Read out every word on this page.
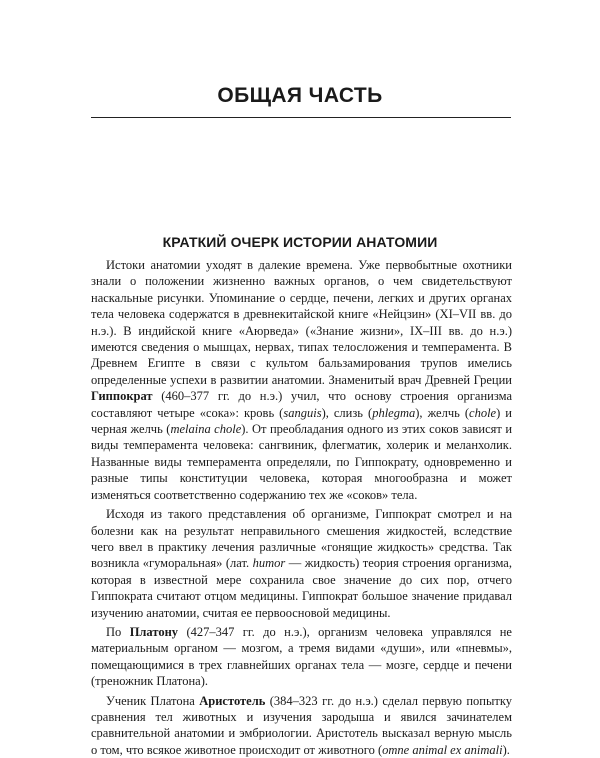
ОБЩАЯ ЧАСТЬ
КРАТКИЙ ОЧЕРК ИСТОРИИ АНАТОМИИ

Истоки анатомии уходят в далекие времена. Уже первобытные охотники знали о положении жизненно важных органов, о чем свидетельствуют наскальные рисунки. Упоминание о сердце, печени, легких и других органах тела человека содержатся в древнекитайской книге «Нейцзин» (XI–VII вв. до н.э.). В индийской книге «Аюрведа» («Знание жизни», IX–III вв. до н.э.) имеются сведения о мышцах, нервах, типах телосложения и темперамента. В Древнем Египте в связи с культом бальзамирования трупов имелись определенные успехи в развитии анатомии. Знаменитый врач Древней Греции Гиппократ (460–377 гг. до н.э.) учил, что основу строения организма составляют четыре «сока»: кровь (sanguis), слизь (phlegma), желчь (chole) и черная желчь (melaina chole). От преобладания одного из этих соков зависят и виды темперамента человека: сангвиник, флегматик, холерик и меланхолик. Названные виды темперамента определяли, по Гиппократу, одновременно и разные типы конституции человека, которая многообразна и может изменяться соответственно содержанию тех же «соков» тела.

Исходя из такого представления об организме, Гиппократ смотрел и на болезни как на результат неправильного смешения жидкостей, вследствие чего ввел в практику лечения различные «гонящие жидкость» средства. Так возникла «гуморальная» (лат. humor — жидкость) теория строения организма, которая в известной мере сохранила свое значение до сих пор, отчего Гиппократа считают отцом медицины. Гиппократ большое значение придавал изучению анатомии, считая ее первоосновой медицины.

По Платону (427–347 гг. до н.э.), организм человека управлялся не материальным органом — мозгом, а тремя видами «души», или «пневмы», помещающимися в трех главнейших органах тела — мозге, сердце и печени (треножник Платона).

Ученик Платона Аристотель (384–323 гг. до н.э.) сделал первую попытку сравнения тел животных и изучения зародыша и явился зачинателем сравнительной анатомии и эмбриологии. Аристотель высказал верную мысль о том, что всякое животное происходит от животного (omne animal ex animali).
